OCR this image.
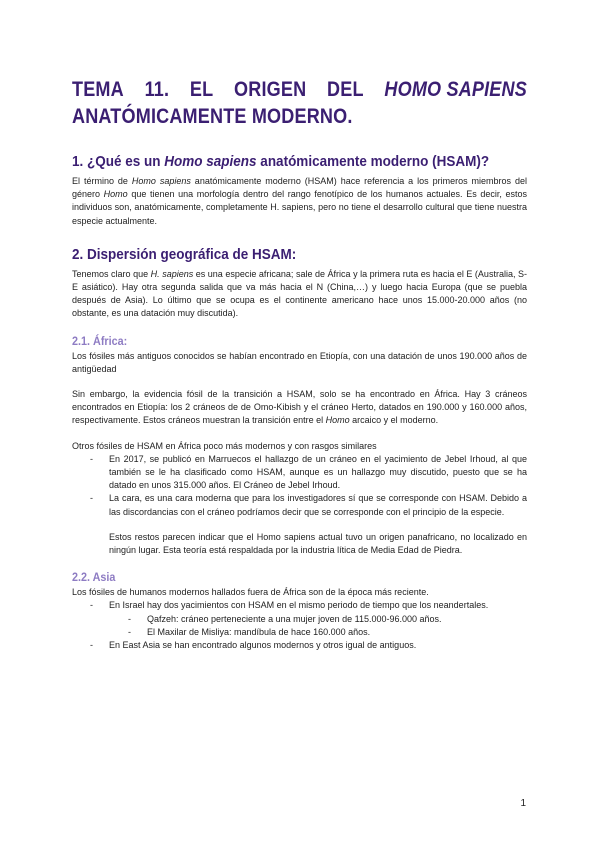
TEMA 11. EL ORIGEN DEL HOMO SAPIENS
ANATÓMICAMENTE MODERNO.
1. ¿Qué es un Homo sapiens anatómicamente moderno (HSAM)?

El término de Homo sapiens anatómicamente moderno (HSAM) hace referencia a los primeros miembros del género Homo que tienen una morfología dentro del rango fenotípico de los humanos actuales. Es decir, estos individuos son, anatómicamente, completamente H. sapiens, pero no tiene el desarrollo cultural que tiene nuestra especie actualmente.

2. Dispersión geográfica de HSAM:

Tenemos claro que H. sapiens es una especie africana; sale de África y la primera ruta es hacia el E (Australia, S-E asiático). Hay otra segunda salida que va más hacia el N (China,…) y luego hacia Europa (que se puebla después de Asia). Lo último que se ocupa es el continente americano hace unos 15.000-20.000 años (no obstante, es una datación muy discutida).

2.1. África:

Los fósiles más antiguos conocidos se habían encontrado en Etiopía, con una datación de unos 190.000 años de antigüedad

Sin embargo, la evidencia fósil de la transición a HSAM, solo se ha encontrado en África. Hay 3 cráneos encontrados en Etiopía: los 2 cráneos de de Omo-Kibish y el cráneo Herto, datados en 190.000 y 160.000 años, respectivamente. Estos cráneos muestran la transición entre el Homo arcaico y el moderno.

Otros fósiles de HSAM en África poco más modernos y con rasgos similares

- En 2017, se publicó en Marruecos el hallazgo de un cráneo en el yacimiento de Jebel Irhoud, al que también se le ha clasificado como HSAM, aunque es un hallazgo muy discutido, puesto que se ha datado en unos 315.000 años. El Cráneo de Jebel Irhoud.
- La cara, es una cara moderna que para los investigadores sí que se corresponde con HSAM. Debido a las discordancias con el cráneo podríamos decir que se corresponde con el principio de la especie.

Estos restos parecen indicar que el Homo sapiens actual tuvo un origen panafricano, no localizado en ningún lugar. Esta teoría está respaldada por la industria lítica de Media Edad de Piedra.

2.2. Asia

Los fósiles de humanos modernos hallados fuera de África son de la época más reciente.

- En Israel hay dos yacimientos con HSAM en el mismo periodo de tiempo que los neandertales.
- Qafzeh: cráneo perteneciente a una mujer joven de 115.000-96.000 años.
- El Maxilar de Misliya: mandíbula de hace 160.000 años.
- En East Asia se han encontrado algunos modernos y otros igual de antiguos.
1
